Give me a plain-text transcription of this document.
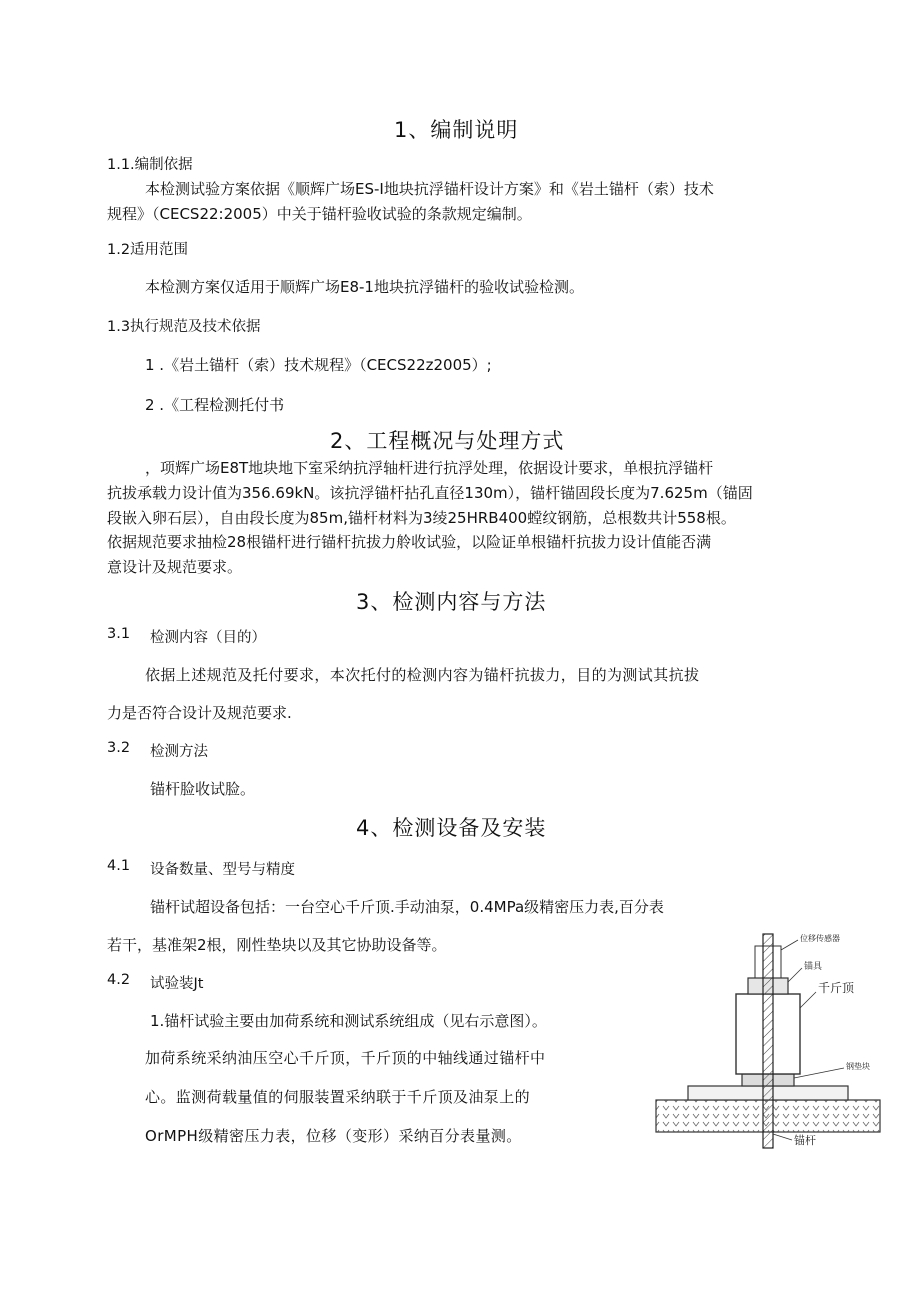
1、编制说明
1.1.编制依据
本检测试验方案依据《顺辉广场ES-I地块抗浮锚杆设计方案》和《岩土锚杆（索）技术
规程》（CECS22:2005）中关于锚杆验收试验的条款规定编制。
1.2适用范围
本检测方案仅适用于顺辉广场E8-1地块抗浮锚杆的验收试验检测。
1.3执行规范及技术依据
1 .《岩土锚杆（索）技术规程》（CECS22z2005）;
2 .《工程检测托付书
2、工程概况与处理方式
，项辉广场E8T地块地下室采纳抗浮轴杆进行抗浮处理，依据设计要求，单根抗浮锚杆
抗拔承载力设计值为356.69kN。该抗浮锚杆拈孔直径130m），锚杆锚固段长度为7.625m（锚固
段嵌入卵石层），自由段长度为85m,锚杆材料为3绫25HRB400螳纹钢筋，总根数共计558根。
依据规范要求抽检28根锚杆进行锚杆抗拔力舲收试验，以险证单根锚杆抗拔力设计值能否满
意设计及规范要求。
3、检测内容与方法
3.1 检测内容（目的）
依据上述规范及托付要求，本次托付的检测内容为锚杆抗拔力，目的为测试其抗拔
力是否符合设计及规范要求.
3.2 检测方法
锚杆脸收试脸。
4、检测设备及安装
4.1 设备数量、型号与精度
锚杆试超设备包括：一台空心千斤顶.手动油泵，0.4MPa级精密压力表,百分表
若干，基准架2根，刚性垫块以及其它协助设备等。
4.2 试验装Jt
1.锚杆试验主要由加荷系统和测试系统组成（见右示意图）。
加荷系统采纳油压空心千斤顶，千斤顶的中轴线通过锚杆中
心。监测荷载量值的伺服装置采纳联于千斤顶及油泵上的
OrMPH级精密压力表，位移（变形）采纳百分表量测。
位移传感器
锚具
千斤顶
钢垫块
锚杆
